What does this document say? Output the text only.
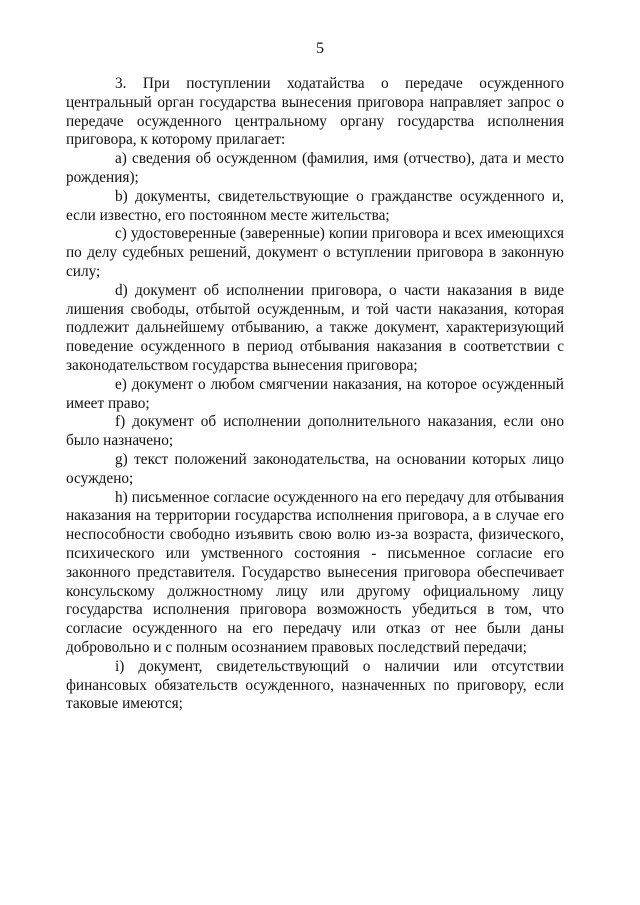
5

3. При поступлении ходатайства о передаче осужденного центральный орган государства вынесения приговора направляет запрос о передаче осужденного центральному органу государства исполнения приговора, к которому прилагает:

a) сведения об осужденном (фамилия, имя (отчество), дата и место рождения);

b) документы, свидетельствующие о гражданстве осужденного и, если известно, его постоянном месте жительства;

c) удостоверенные (заверенные) копии приговора и всех имеющихся по делу судебных решений, документ о вступлении приговора в законную силу;

d) документ об исполнении приговора, о части наказания в виде лишения свободы, отбытой осужденным, и той части наказания, которая подлежит дальнейшему отбыванию, а также документ, характеризующий поведение осужденного в период отбывания наказания в соответствии с законодательством государства вынесения приговора;

e) документ о любом смягчении наказания, на которое осужденный имеет право;

f) документ об исполнении дополнительного наказания, если оно было назначено;

g) текст положений законодательства, на основании которых лицо осуждено;

h) письменное согласие осужденного на его передачу для отбывания наказания на территории государства исполнения приговора, а в случае его неспособности свободно изъявить свою волю из-за возраста, физического, психического или умственного состояния - письменное согласие его законного представителя. Государство вынесения приговора обеспечивает консульскому должностному лицу или другому официальному лицу государства исполнения приговора возможность убедиться в том, что согласие осужденного на его передачу или отказ от нее были даны добровольно и с полным осознанием правовых последствий передачи;

i) документ, свидетельствующий о наличии или отсутствии финансовых обязательств осужденного, назначенных по приговору, если таковые имеются;
